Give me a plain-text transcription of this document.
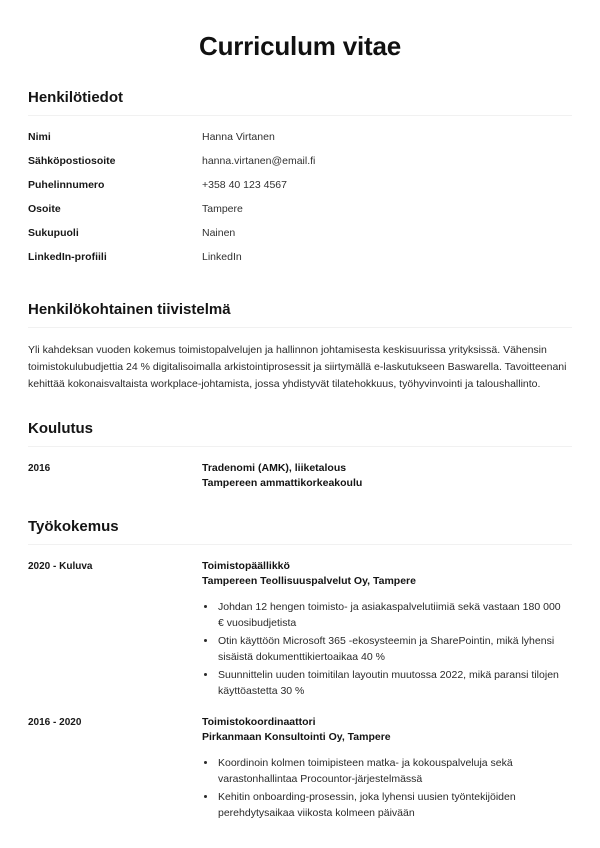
Curriculum vitae
Henkilötiedot
Nimi	Hanna Virtanen
Sähköpostiosoite	hanna.virtanen@email.fi
Puhelinnumero	+358 40 123 4567
Osoite	Tampere
Sukupuoli	Nainen
LinkedIn-profiili	LinkedIn
Henkilökohtainen tiivistelmä

Yli kahdeksan vuoden kokemus toimistopalvelujen ja hallinnon johtamisesta keskisuurissa yrityksissä. Vähensin toimistokulubudjettia 24 % digitalisoimalla arkistointiprosessit ja siirtymällä e-laskutukseen Baswarella. Tavoitteenani kehittää kokonaisvaltaista workplace-johtamista, jossa yhdistyvät tilatehokkuus, työhyvinvointi ja taloushallinto.

Koulutus
2016	Tradenomi (AMK), liiketalous
Tampereen ammattikorkeakoulu
Työkokemus
2020 - Kuluva	Toimistopäällikkö
Tampereen Teollisuuspalvelut Oy, Tampere
Johdan 12 hengen toimisto- ja asiakaspalvelutiimiä sekä vastaan 180 000 € vuosibudjetista
Otin käyttöön Microsoft 365 -ekosysteemin ja SharePointin, mikä lyhensi sisäistä dokumenttikiertoaikaa 40 %
Suunnittelin uuden toimitilan layoutin muutossa 2022, mikä paransi tilojen käyttöastetta 30 %
2016 - 2020	Toimistokoordinaattori
Pirkanmaan Konsultointi Oy, Tampere
Koordinoin kolmen toimipisteen matka- ja kokouspalveluja sekä varastonhallintaa Procountor-järjestelmässä
Kehitin onboarding-prosessin, joka lyhensi uusien työntekijöiden perehdytysaikaa viikosta kolmeen päivään
